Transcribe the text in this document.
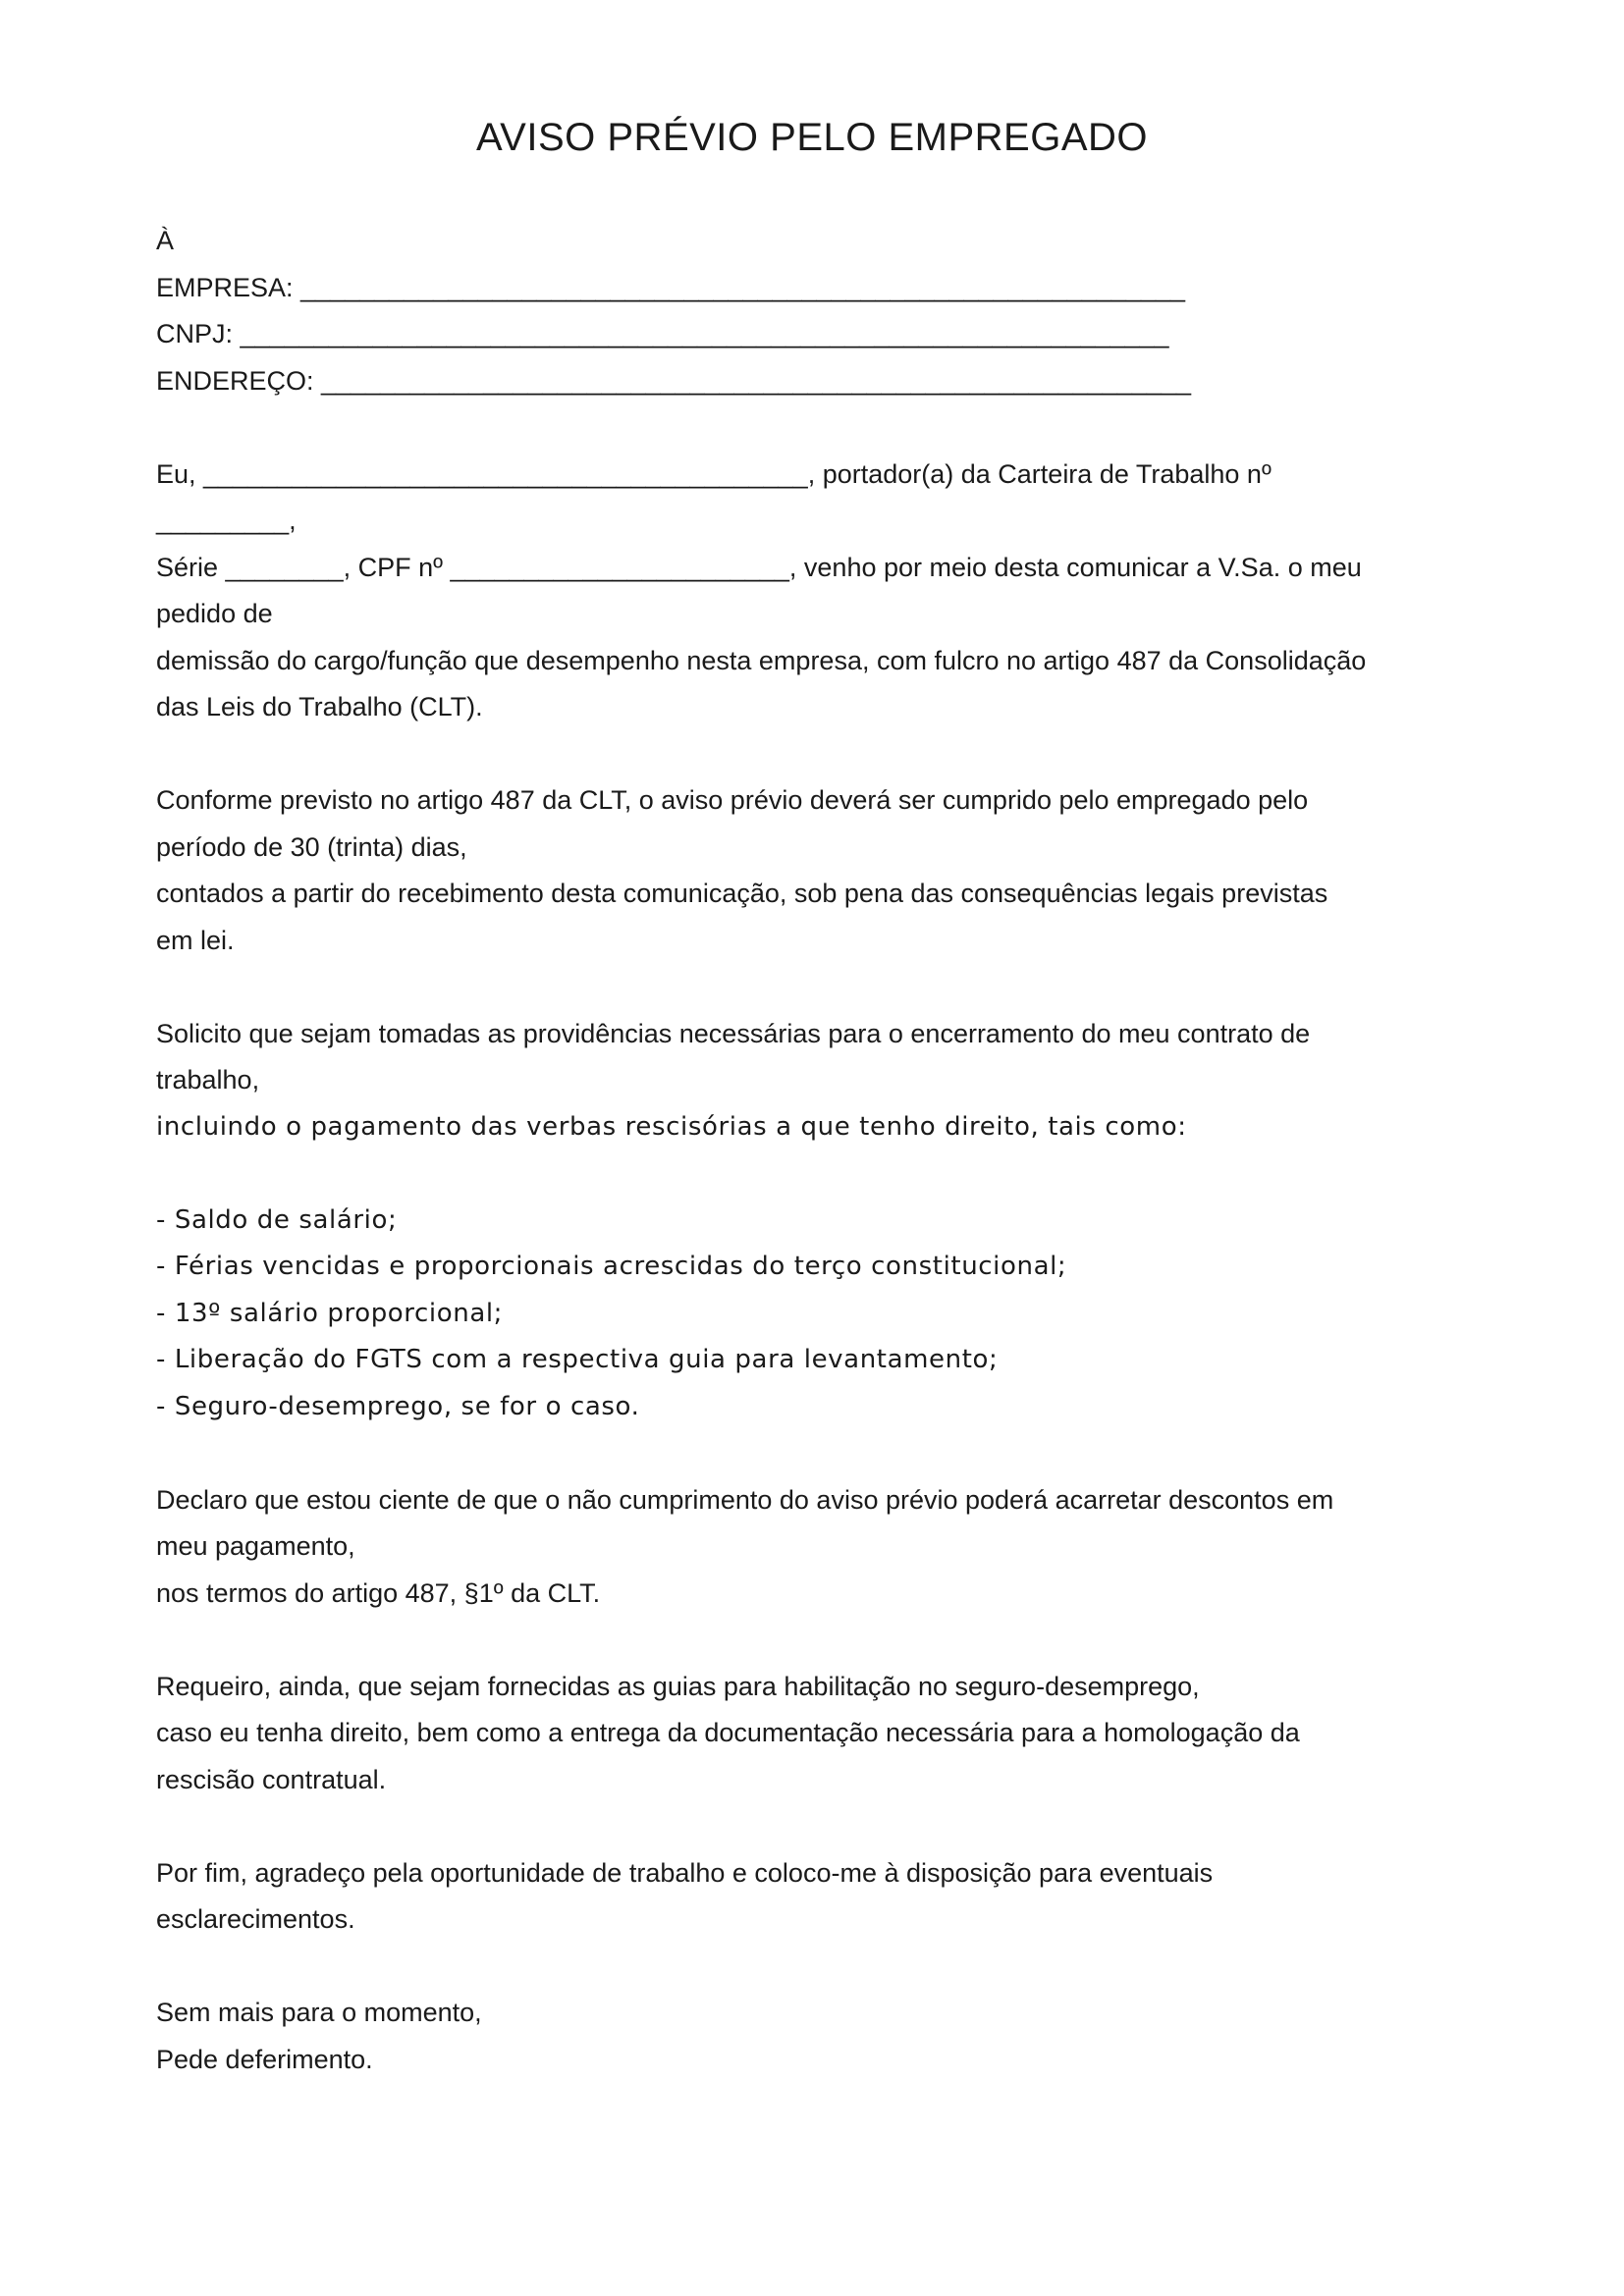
AVISO PRÉVIO PELO EMPREGADO
À
EMPRESA: ____________________________________________________________
CNPJ: _______________________________________________________________
ENDEREÇO: ___________________________________________________________
Eu, _________________________________________, portador(a) da Carteira de Trabalho nº
_________,
Série ________, CPF nº _______________________, venho por meio desta comunicar a V.Sa. o meu
pedido de
demissão do cargo/função que desempenho nesta empresa, com fulcro no artigo 487 da Consolidação
das Leis do Trabalho (CLT).
Conforme previsto no artigo 487 da CLT, o aviso prévio deverá ser cumprido pelo empregado pelo
período de 30 (trinta) dias,
contados a partir do recebimento desta comunicação, sob pena das consequências legais previstas
em lei.
Solicito que sejam tomadas as providências necessárias para o encerramento do meu contrato de
trabalho,
incluindo o pagamento das verbas rescisórias a que tenho direito, tais como:
- Saldo de salário;
- Férias vencidas e proporcionais acrescidas do terço constitucional;
- 13º salário proporcional;
- Liberação do FGTS com a respectiva guia para levantamento;
- Seguro-desemprego, se for o caso.
Declaro que estou ciente de que o não cumprimento do aviso prévio poderá acarretar descontos em
meu pagamento,
nos termos do artigo 487, §1º da CLT.
Requeiro, ainda, que sejam fornecidas as guias para habilitação no seguro-desemprego,
caso eu tenha direito, bem como a entrega da documentação necessária para a homologação da
rescisão contratual.
Por fim, agradeço pela oportunidade de trabalho e coloco-me à disposição para eventuais
esclarecimentos.
Sem mais para o momento,
Pede deferimento.
